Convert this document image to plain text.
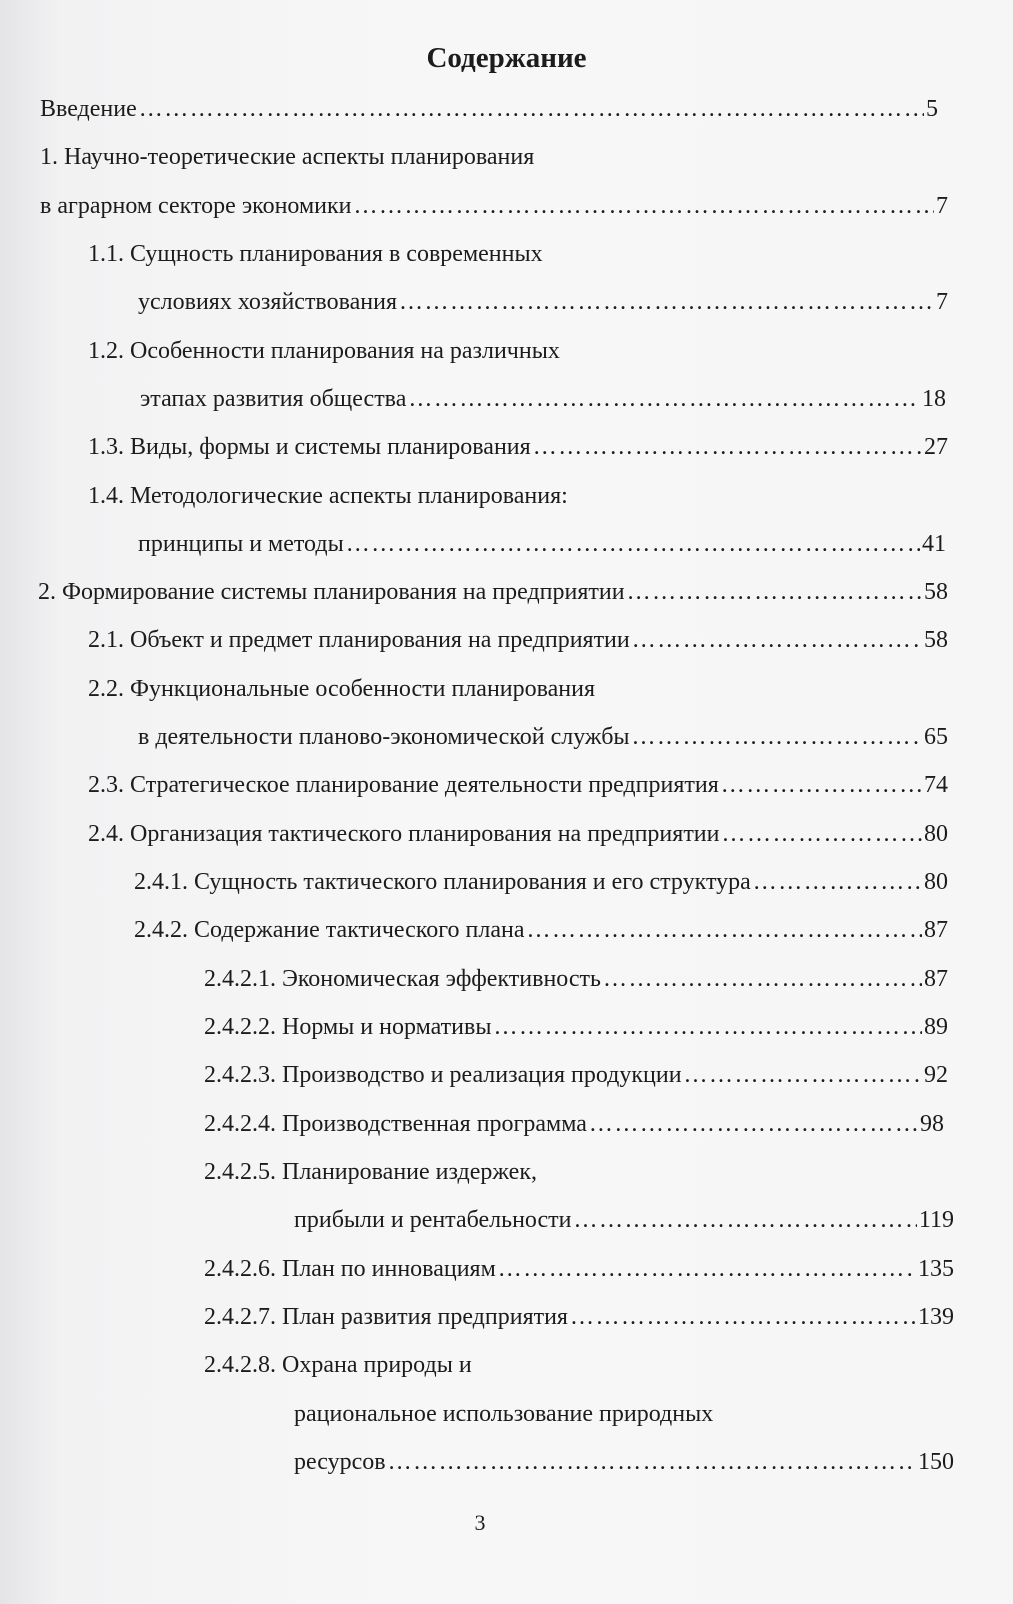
Содержание
Введение ………………………………………………………………………………………………………………………………………………………………………………………………………	5
1. Научно-теоретические аспекты планирования
в аграрном секторе экономики ………………………………………………………………………………………………………………………………………………………………………………………………………	7
1.1. Сущность планирования в современных
условиях хозяйствования ………………………………………………………………………………………………………………………………………………………………………………………………………	7
1.2. Особенности планирования на различных
этапах развития общества ………………………………………………………………………………………………………………………………………………………………………………………………………	18
1.3. Виды, формы и системы планирования ………………………………………………………………………………………………………………………………………………………………………………………………………	27
1.4. Методологические аспекты планирования:
принципы и методы ………………………………………………………………………………………………………………………………………………………………………………………………………	41
2. Формирование системы планирования на предприятии ………………………………………………………………………………………………………………………………………………………………………………………………………	58
2.1. Объект и предмет планирования на предприятии ………………………………………………………………………………………………………………………………………………………………………………………………………	58
2.2. Функциональные особенности планирования
в деятельности планово-экономической службы ………………………………………………………………………………………………………………………………………………………………………………………………………	65
2.3. Стратегическое планирование деятельности предприятия ………………………………………………………………………………………………………………………………………………………………………………………………………	74
2.4. Организация тактического планирования на предприятии ………………………………………………………………………………………………………………………………………………………………………………………………………	80
2.4.1. Сущность тактического планирования и его структура ………………………………………………………………………………………………………………………………………………………………………………………………………	80
2.4.2. Содержание тактического плана ………………………………………………………………………………………………………………………………………………………………………………………………………	87
2.4.2.1. Экономическая эффективность ………………………………………………………………………………………………………………………………………………………………………………………………………	87
2.4.2.2. Нормы и нормативы ………………………………………………………………………………………………………………………………………………………………………………………………………	89
2.4.2.3. Производство и реализация продукции ………………………………………………………………………………………………………………………………………………………………………………………………………	92
2.4.2.4. Производственная программа ………………………………………………………………………………………………………………………………………………………………………………………………………	98
2.4.2.5. Планирование издержек,
прибыли и рентабельности ………………………………………………………………………………………………………………………………………………………………………………………………………	119
2.4.2.6. План по инновациям ………………………………………………………………………………………………………………………………………………………………………………………………………	135
2.4.2.7. План развития предприятия ………………………………………………………………………………………………………………………………………………………………………………………………………	139
2.4.2.8. Охрана природы и
рациональное использование природных
ресурсов ………………………………………………………………………………………………………………………………………………………………………………………………………	150
3
